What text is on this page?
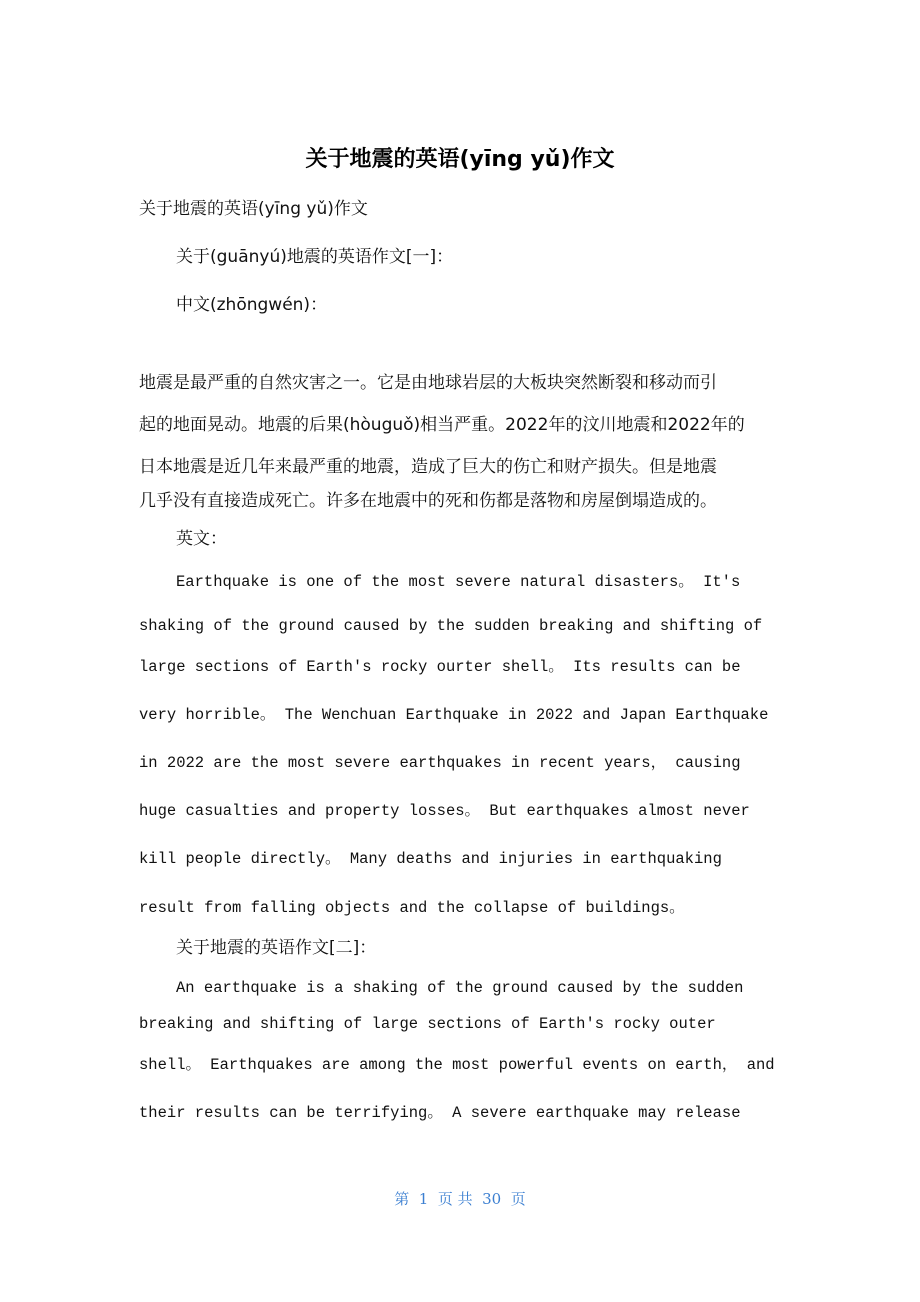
关于地震的英语(yīng yǔ)作文
关于地震的英语(yīng yǔ)作文
关于(guānyú)地震的英语作文[一]：
中文(zhōngwén)：
地震是最严重的自然灾害之一。它是由地球岩层的大板块突然断裂和移动而引
起的地面晃动。地震的后果(hòuguǒ)相当严重。2022年的汶川地震和2022年的
日本地震是近几年来最严重的地震，造成了巨大的伤亡和财产损失。但是地震
几乎没有直接造成死亡。许多在地震中的死和伤都是落物和房屋倒塌造成的。
英文：
Earthquake is one of the most severe natural disasters。 It's
shaking of the ground caused by the sudden breaking and shifting of
large sections of Earth's rocky ourter shell。 Its results can be
very horrible。 The Wenchuan Earthquake in 2022 and Japan Earthquake
in 2022 are the most severe earthquakes in recent years， causing
huge casualties and property losses。 But earthquakes almost never
kill people directly。 Many deaths and injuries in earthquaking
result from falling objects and the collapse of buildings。
关于地震的英语作文[二]：
An earthquake is a shaking of the ground caused by the sudden
breaking and shifting of large sections of Earth's rocky outer
shell。 Earthquakes are among the most powerful events on earth， and
their results can be terrifying。 A severe earthquake may release
第  1  页 共  30  页
